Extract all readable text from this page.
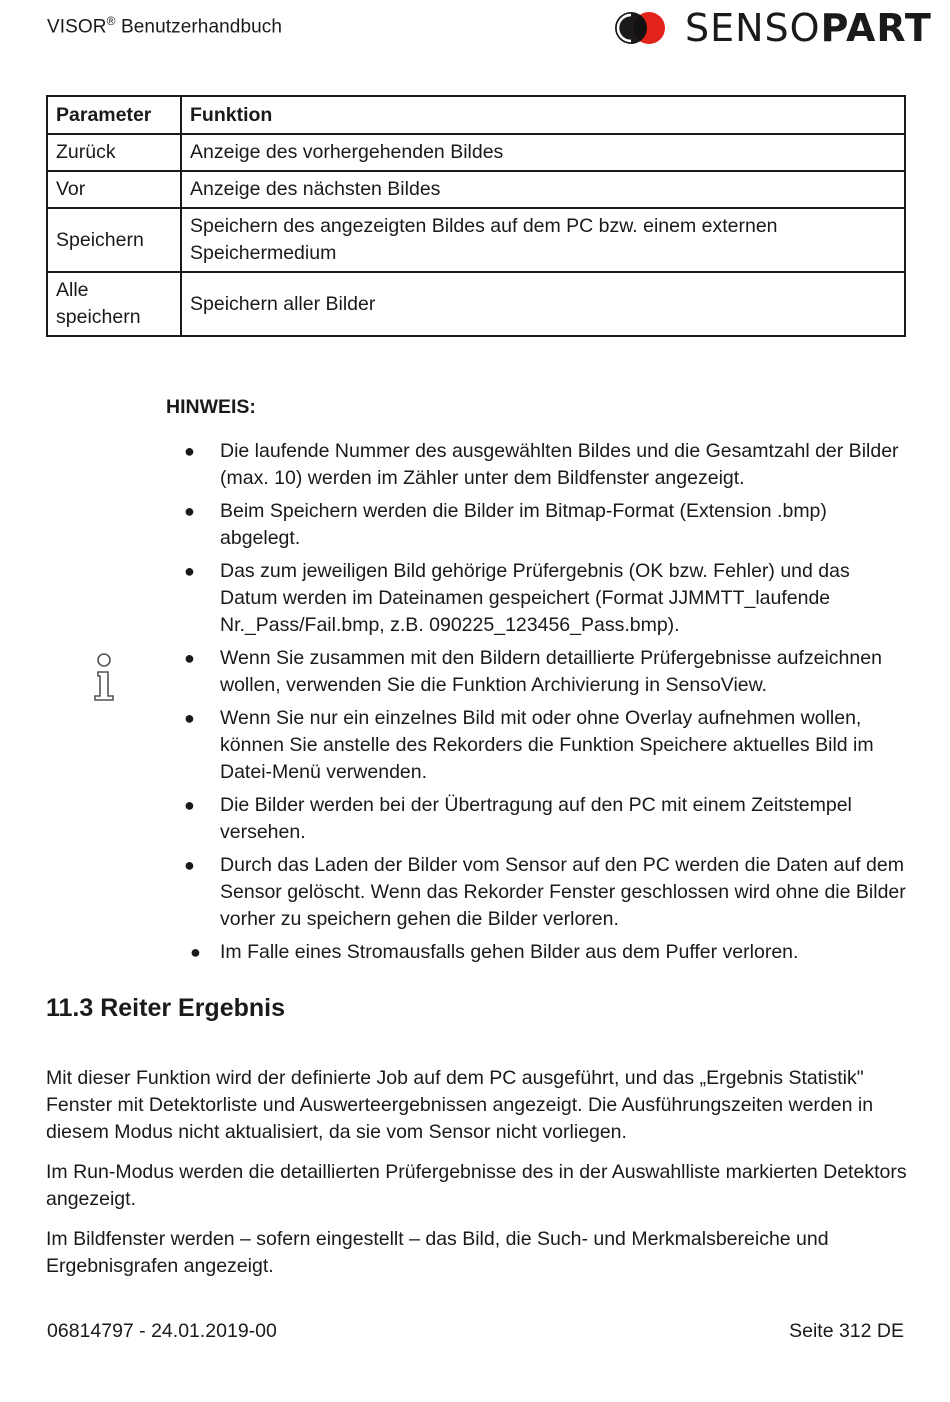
VISOR® Benutzerhandbuch	SENSOPART
Parameter	Funktion
Zurück	Anzeige des vorhergehenden Bildes
Vor	Anzeige des nächsten Bildes
Speichern	Speichern des angezeigten Bildes auf dem PC bzw. einem externen Speichermedium
Alle speichern	Speichern aller Bilder
HINWEIS:
● Die laufende Nummer des ausgewählten Bildes und die Gesamtzahl der Bilder (max. 10) werden im Zähler unter dem Bildfenster angezeigt.
● Beim Speichern werden die Bilder im Bitmap-Format (Extension .bmp) abgelegt.
● Das zum jeweiligen Bild gehörige Prüfergebnis (OK bzw. Fehler) und das Datum werden im Dateinamen gespeichert (Format JJMMTT_laufende Nr._Pass/Fail.bmp, z.B. 090225_123456_Pass.bmp).
● Wenn Sie zusammen mit den Bildern detaillierte Prüfergebnisse aufzeichnen wollen, verwenden Sie die Funktion Archivierung in SensoView.
● Wenn Sie nur ein einzelnes Bild mit oder ohne Overlay aufnehmen wollen, können Sie anstelle des Rekorders die Funktion Speichere aktuelles Bild im Datei-Menü verwenden.
● Die Bilder werden bei der Übertragung auf den PC mit einem Zeitstempel versehen.
● Durch das Laden der Bilder vom Sensor auf den PC werden die Daten auf dem Sensor gelöscht. Wenn das Rekorder Fenster geschlossen wird ohne die Bilder vorher zu speichern gehen die Bilder verloren.
● Im Falle eines Stromausfalls gehen Bilder aus dem Puffer verloren.
11.3 Reiter Ergebnis

Mit dieser Funktion wird der definierte Job auf dem PC ausgeführt, und das „Ergebnis Statistik" Fenster mit Detektorliste und Auswerteergebnissen angezeigt. Die Ausführungszeiten werden in diesem Modus nicht aktualisiert, da sie vom Sensor nicht vorliegen.

Im Run-Modus werden die detaillierten Prüfergebnisse des in der Auswahlliste markierten Detektors angezeigt.

Im Bildfenster werden – sofern eingestellt – das Bild, die Such- und Merkmalsbereiche und Ergebnisgrafen angezeigt.

06814797 - 24.01.2019-00	Seite 312 DE
